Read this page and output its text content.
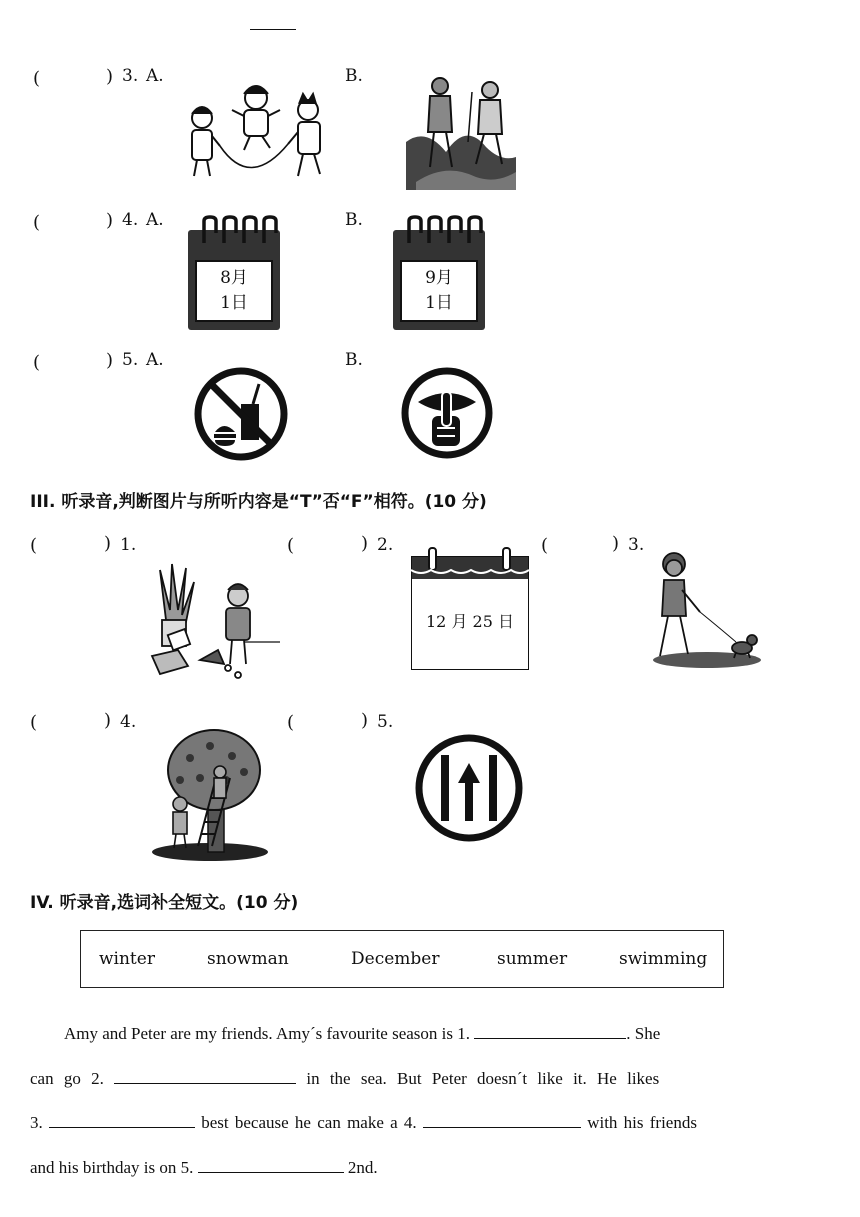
(	) 3. A.	B.
(	) 4. A.	B.
8月
1日
9月
1日
(	) 5. A.	B.
III. 听录音,判断图片与所听内容是“T”否“F”相符。(10 分)
(	) 1.	(	) 2.	(	) 3.
12 月 25 日
(	) 4.	(	) 5.
IV. 听录音,选词补全短文。(10 分)
winter	snowman	December	summer	swimming
Amy and Peter are my friends. Amy´s favourite season is 1.	. She
can go 2.	in the sea. But Peter doesn´t like it. He likes
3.	best because he can make a 4.	with his friends
and his birthday is on 5.	2nd.
